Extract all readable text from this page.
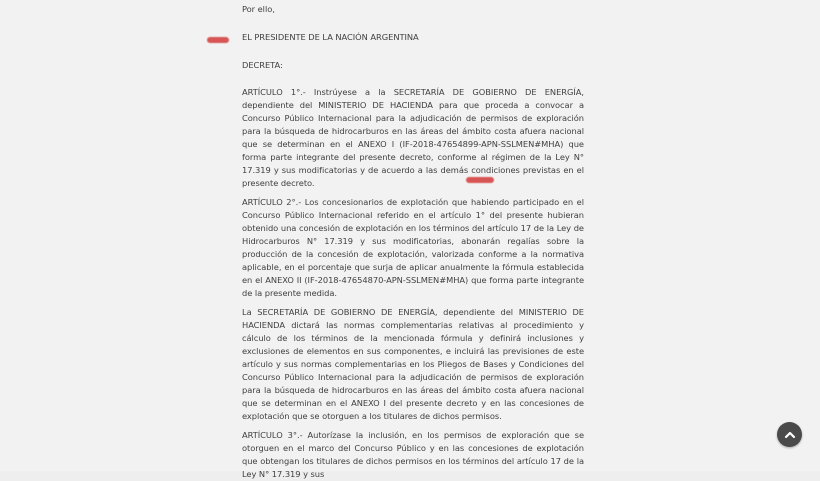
Por ello,

EL PRESIDENTE DE LA NACIÓN ARGENTINA

DECRETA:

ARTÍCULO 1°.- Instrúyese a la SECRETARÍA DE GOBIERNO DE ENERGÍA, dependiente del MINISTERIO DE HACIENDA para que proceda a convocar a Concurso Público Internacional para la adjudicación de permisos de exploración para la búsqueda de hidrocarburos en las áreas del ámbito costa afuera nacional que se determinan en el ANEXO I (IF-2018-47654899-APN-SSLMEN#MHA) que forma parte integrante del presente decreto, conforme al régimen de la Ley N° 17.319 y sus modificatorias y de acuerdo a las demás condiciones previstas en el presente decreto.

ARTÍCULO 2°.- Los concesionarios de explotación que habiendo participado en el Concurso Público Internacional referido en el artículo 1° del presente hubieran obtenido una concesión de explotación en los términos del artículo 17 de la Ley de Hidrocarburos N° 17.319 y sus modificatorias, abonarán regalías sobre la producción de la concesión de explotación, valorizada conforme a la normativa aplicable, en el porcentaje que surja de aplicar anualmente la fórmula establecida en el ANEXO II (IF-2018-47654870-APN-SSLMEN#MHA) que forma parte integrante de la presente medida.

La SECRETARÍA DE GOBIERNO DE ENERGÍA, dependiente del MINISTERIO DE HACIENDA dictará las normas complementarias relativas al procedimiento y cálculo de los términos de la mencionada fórmula y definirá inclusiones y exclusiones de elementos en sus componentes, e incluirá las previsiones de este artículo y sus normas complementarias en los Pliegos de Bases y Condiciones del Concurso Público Internacional para la adjudicación de permisos de exploración para la búsqueda de hidrocarburos en las áreas del ámbito costa afuera nacional que se determinan en el ANEXO I del presente decreto y en las concesiones de explotación que se otorguen a los titulares de dichos permisos.

ARTÍCULO 3°.- Autorízase la inclusión, en los permisos de exploración que se otorguen en el marco del Concurso Público y en las concesiones de explotación que obtengan los titulares de dichos permisos en los términos del artículo 17 de la Ley N° 17.319 y sus
